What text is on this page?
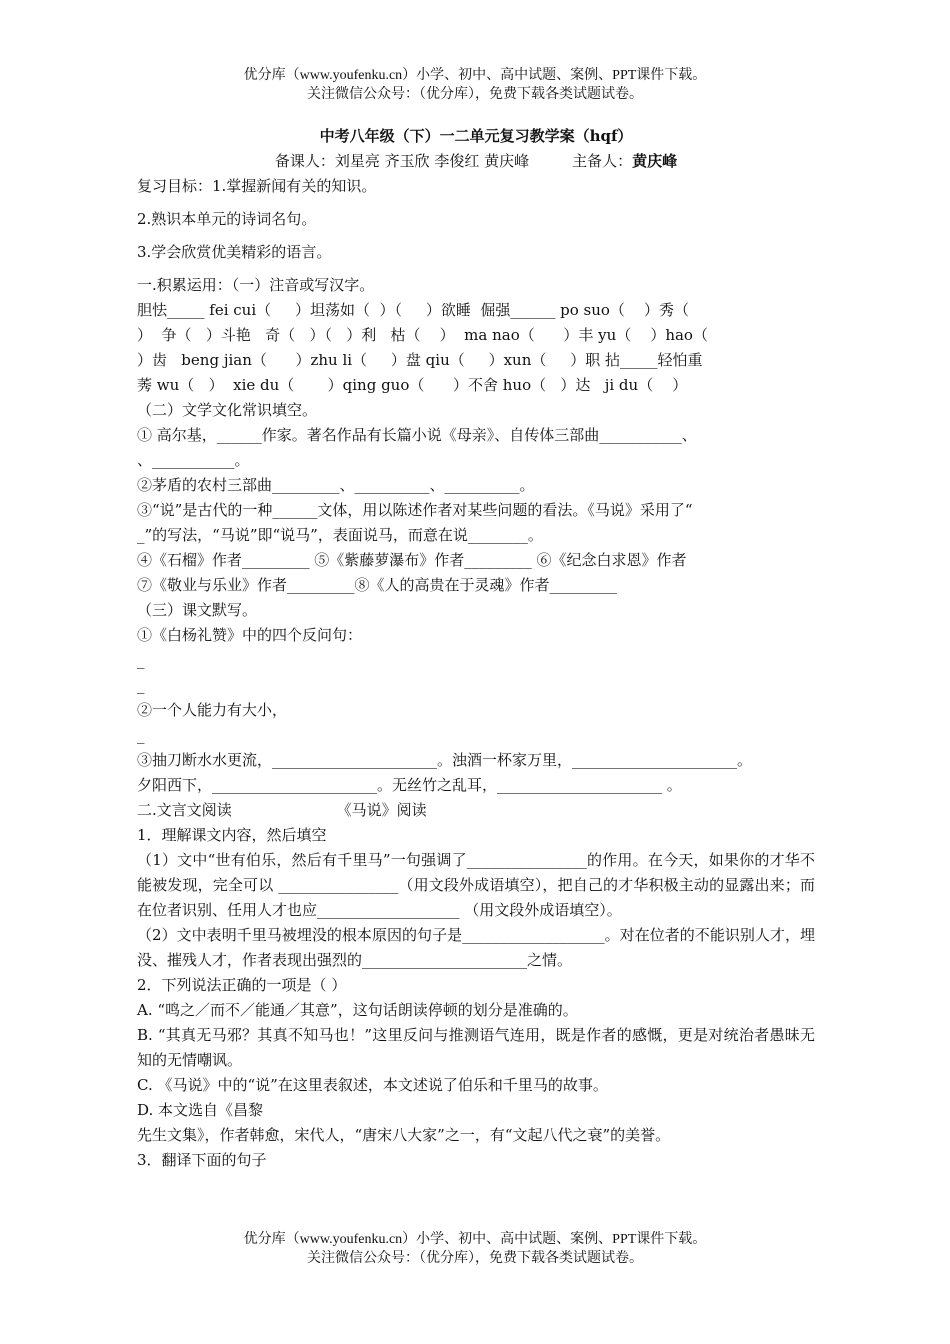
优分库（www.youfenku.cn）小学、初中、高中试题、案例、PPT课件下载。
关注微信公众号：（优分库），免费下载各类试题试卷。

中考八年级（下）一二单元复习教学案（hqf）

备课人：刘星亮 齐玉欣 李俊红 黄庆峰         主备人：黄庆峰

复习目标：1.掌握新闻有关的知识。

2.熟识本单元的诗词名句。

3.学会欣赏优美精彩的语言。

一.积累运用：（一）注音或写汉字。

胆怯_____ fei cui（     ）坦荡如（  ）（     ）欲睡  倔强______ po suo（    ）秀（

）  争（   ）斗艳   奇（   ）（   ）利   枯（    ）  ma nao（      ）丰 yu（    ）hao（

）齿   beng jian（      ）zhu li（     ）盘 qiu（     ）xun（     ）职 拈_____轻怕重

莠 wu（   ）  xie du（       ）qing guo（      ）不舍 huo（   ）达   ji du（    ）

（二）文学文化常识填空。

① 高尔基，______作家。著名作品有长篇小说《母亲》、自传体三部曲___________、

、___________。

②茅盾的农村三部曲_________、__________、__________。

③“说”是古代的一种______文体，用以陈述作者对某些问题的看法。《马说》采用了“

_”的写法，“马说”即“说马”，表面说马，而意在说________。

④《石榴》作者_________ ⑤《紫藤萝瀑布》作者_________ ⑥《纪念白求恩》作者

⑦《敬业与乐业》作者_________⑧《人的高贵在于灵魂》作者_________

（三）课文默写。

①《白杨礼赞》中的四个反问句：

_

_

②一个人能力有大小，

_

③抽刀断水水更流，______________________。浊酒一杯家万里，______________________。

夕阳西下，______________________。无丝竹之乱耳，______________________ 。

二.文言文阅读                      《马说》阅读

1．理解课文内容，然后填空

（1）文中“世有伯乐，然后有千里马”一句强调了________________的作用。在今天，如果你的才华不能被发现，完全可以 ________________（用文段外成语填空），把自己的才华积极主动的显露出来；而在位者识别、任用人才也应___________________ （用文段外成语填空）。

（2）文中表明千里马被埋没的根本原因的句子是___________________。对在位者的不能识别人才，埋没、摧残人才，作者表现出强烈的______________________之情。

2．下列说法正确的一项是（ ）

A. “鸣之／而不／能通／其意”，这句话朗读停顿的划分是准确的。

B. “其真无马邪？其真不知马也！”这里反问与推测语气连用，既是作者的感慨，更是对统治者愚昧无知的无情嘲讽。

C. 《马说》中的“说”在这里表叙述，本文述说了伯乐和千里马的故事。

D. 本文选自《昌黎

先生文集》，作者韩愈，宋代人，“唐宋八大家”之一，有“文起八代之衰”的美誉。

3．翻译下面的句子

优分库（www.youfenku.cn）小学、初中、高中试题、案例、PPT课件下载。
关注微信公众号：（优分库），免费下载各类试题试卷。
